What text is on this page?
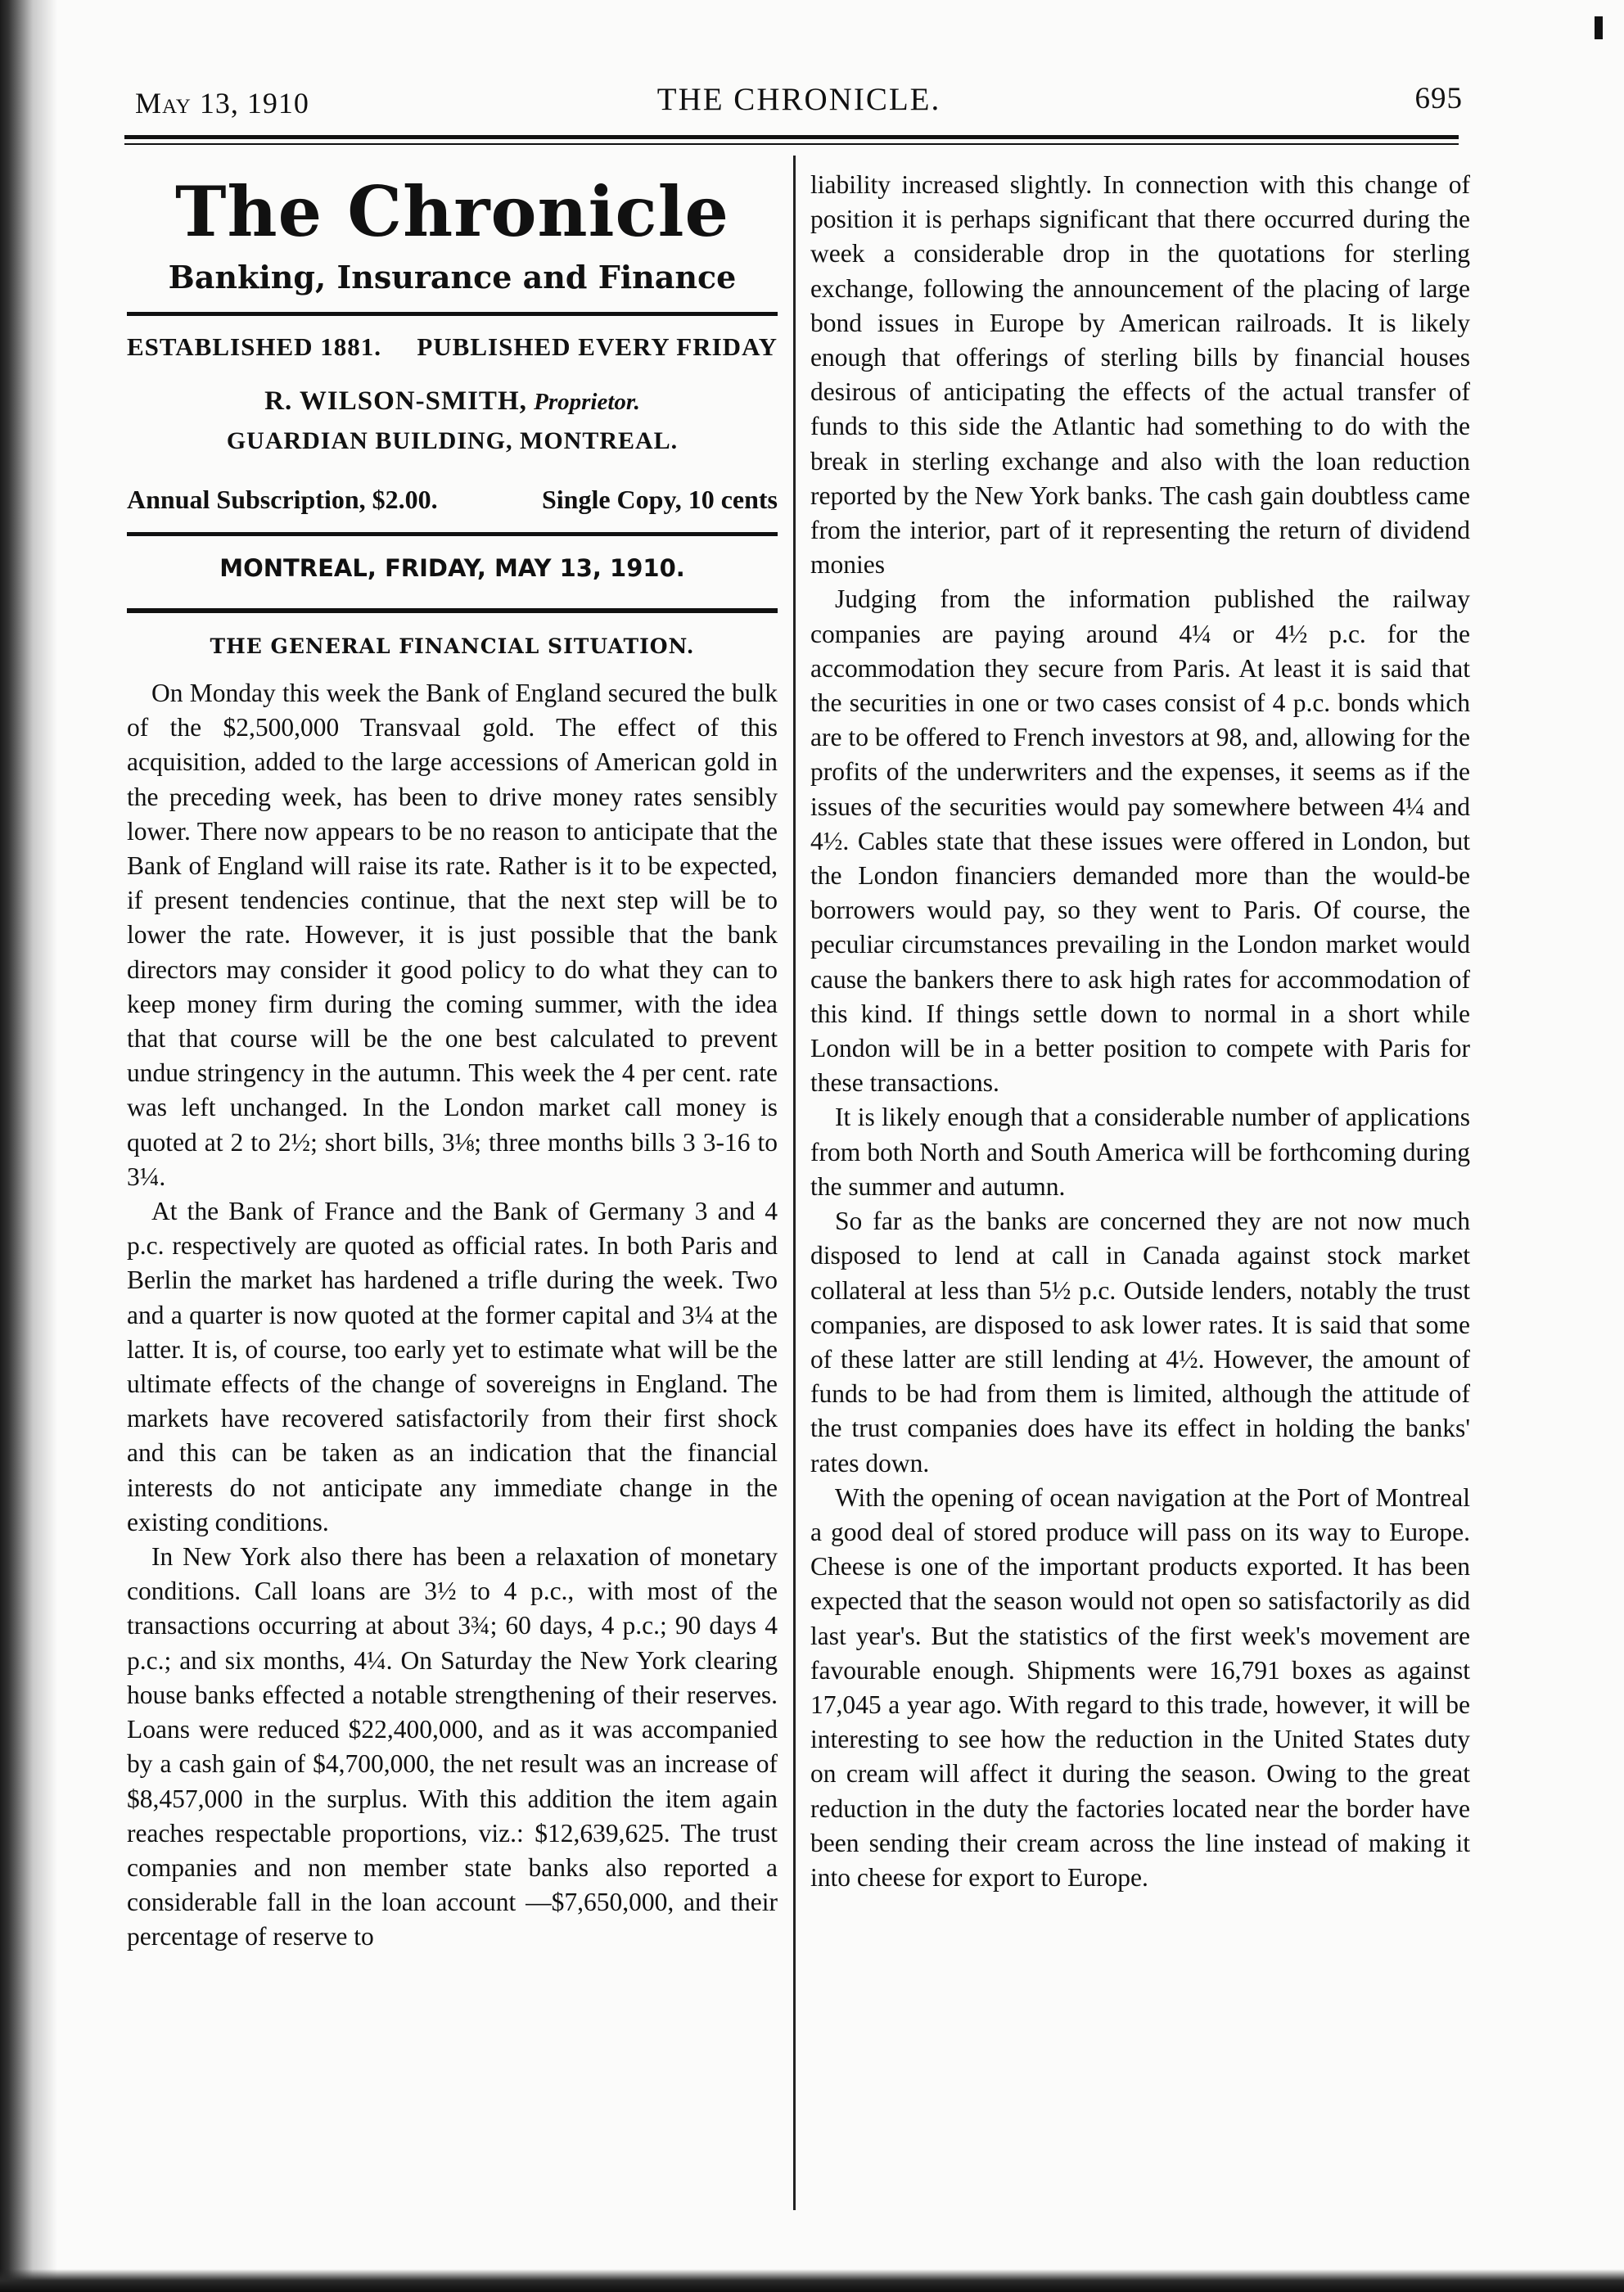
May 13, 1910	THE CHRONICLE.	695
The Chronicle
Banking, Insurance and Finance
ESTABLISHED 1881. PUBLISHED EVERY FRIDAY
R. WILSON-SMITH, Proprietor.
GUARDIAN BUILDING, MONTREAL.
Annual Subscription, $2.00.	Single Copy, 10 cents
MONTREAL, FRIDAY, MAY 13, 1910.
THE GENERAL FINANCIAL SITUATION.

On Monday this week the Bank of England secured the bulk of the $2,500,000 Transvaal gold. The effect of this acquisition, added to the large accessions of American gold in the preceding week, has been to drive money rates sensibly lower. There now appears to be no reason to anticipate that the Bank of England will raise its rate. Rather is it to be expected, if present tendencies continue, that the next step will be to lower the rate. However, it is just possible that the bank directors may consider it good policy to do what they can to keep money firm during the coming summer, with the idea that that course will be the one best calculated to prevent undue stringency in the autumn. This week the 4 per cent. rate was left unchanged. In the London market call money is quoted at 2 to 2½; short bills, 3⅛; three months bills 3 3-16 to 3¼.

At the Bank of France and the Bank of Germany 3 and 4 p.c. respectively are quoted as official rates. In both Paris and Berlin the market has hardened a trifle during the week. Two and a quarter is now quoted at the former capital and 3¼ at the latter. It is, of course, too early yet to estimate what will be the ultimate effects of the change of sovereigns in England. The markets have recovered satisfactorily from their first shock and this can be taken as an indication that the financial interests do not anticipate any immediate change in the existing conditions.

In New York also there has been a relaxation of monetary conditions. Call loans are 3½ to 4 p.c., with most of the transactions occurring at about 3¾; 60 days, 4 p.c.; 90 days 4 p.c.; and six months, 4¼. On Saturday the New York clearing house banks effected a notable strengthening of their reserves. Loans were reduced $22,400,000, and as it was accompanied by a cash gain of $4,700,000, the net result was an increase of $8,457,000 in the surplus. With this addition the item again reaches respectable proportions, viz.: $12,639,625. The trust companies and non member state banks also reported a considerable fall in the loan account —$7,650,000, and their percentage of reserve to

liability increased slightly. In connection with this change of position it is perhaps significant that there occurred during the week a considerable drop in the quotations for sterling exchange, following the announcement of the placing of large bond issues in Europe by American railroads. It is likely enough that offerings of sterling bills by financial houses desirous of anticipating the effects of the actual transfer of funds to this side the Atlantic had something to do with the break in sterling exchange and also with the loan reduction reported by the New York banks. The cash gain doubtless came from the interior, part of it representing the return of dividend monies

Judging from the information published the railway companies are paying around 4¼ or 4½ p.c. for the accommodation they secure from Paris. At least it is said that the securities in one or two cases consist of 4 p.c. bonds which are to be offered to French investors at 98, and, allowing for the profits of the underwriters and the expenses, it seems as if the issues of the securities would pay somewhere between 4¼ and 4½. Cables state that these issues were offered in London, but the London financiers demanded more than the would-be borrowers would pay, so they went to Paris. Of course, the peculiar circumstances prevailing in the London market would cause the bankers there to ask high rates for accommodation of this kind. If things settle down to normal in a short while London will be in a better position to compete with Paris for these transactions.

It is likely enough that a considerable number of applications from both North and South America will be forthcoming during the summer and autumn.

So far as the banks are concerned they are not now much disposed to lend at call in Canada against stock market collateral at less than 5½ p.c. Outside lenders, notably the trust companies, are disposed to ask lower rates. It is said that some of these latter are still lending at 4½. However, the amount of funds to be had from them is limited, although the attitude of the trust companies does have its effect in holding the banks' rates down.

With the opening of ocean navigation at the Port of Montreal a good deal of stored produce will pass on its way to Europe. Cheese is one of the important products exported. It has been expected that the season would not open so satisfactorily as did last year's. But the statistics of the first week's movement are favourable enough. Shipments were 16,791 boxes as against 17,045 a year ago. With regard to this trade, however, it will be interesting to see how the reduction in the United States duty on cream will affect it during the season. Owing to the great reduction in the duty the factories located near the border have been sending their cream across the line instead of making it into cheese for export to Europe.
